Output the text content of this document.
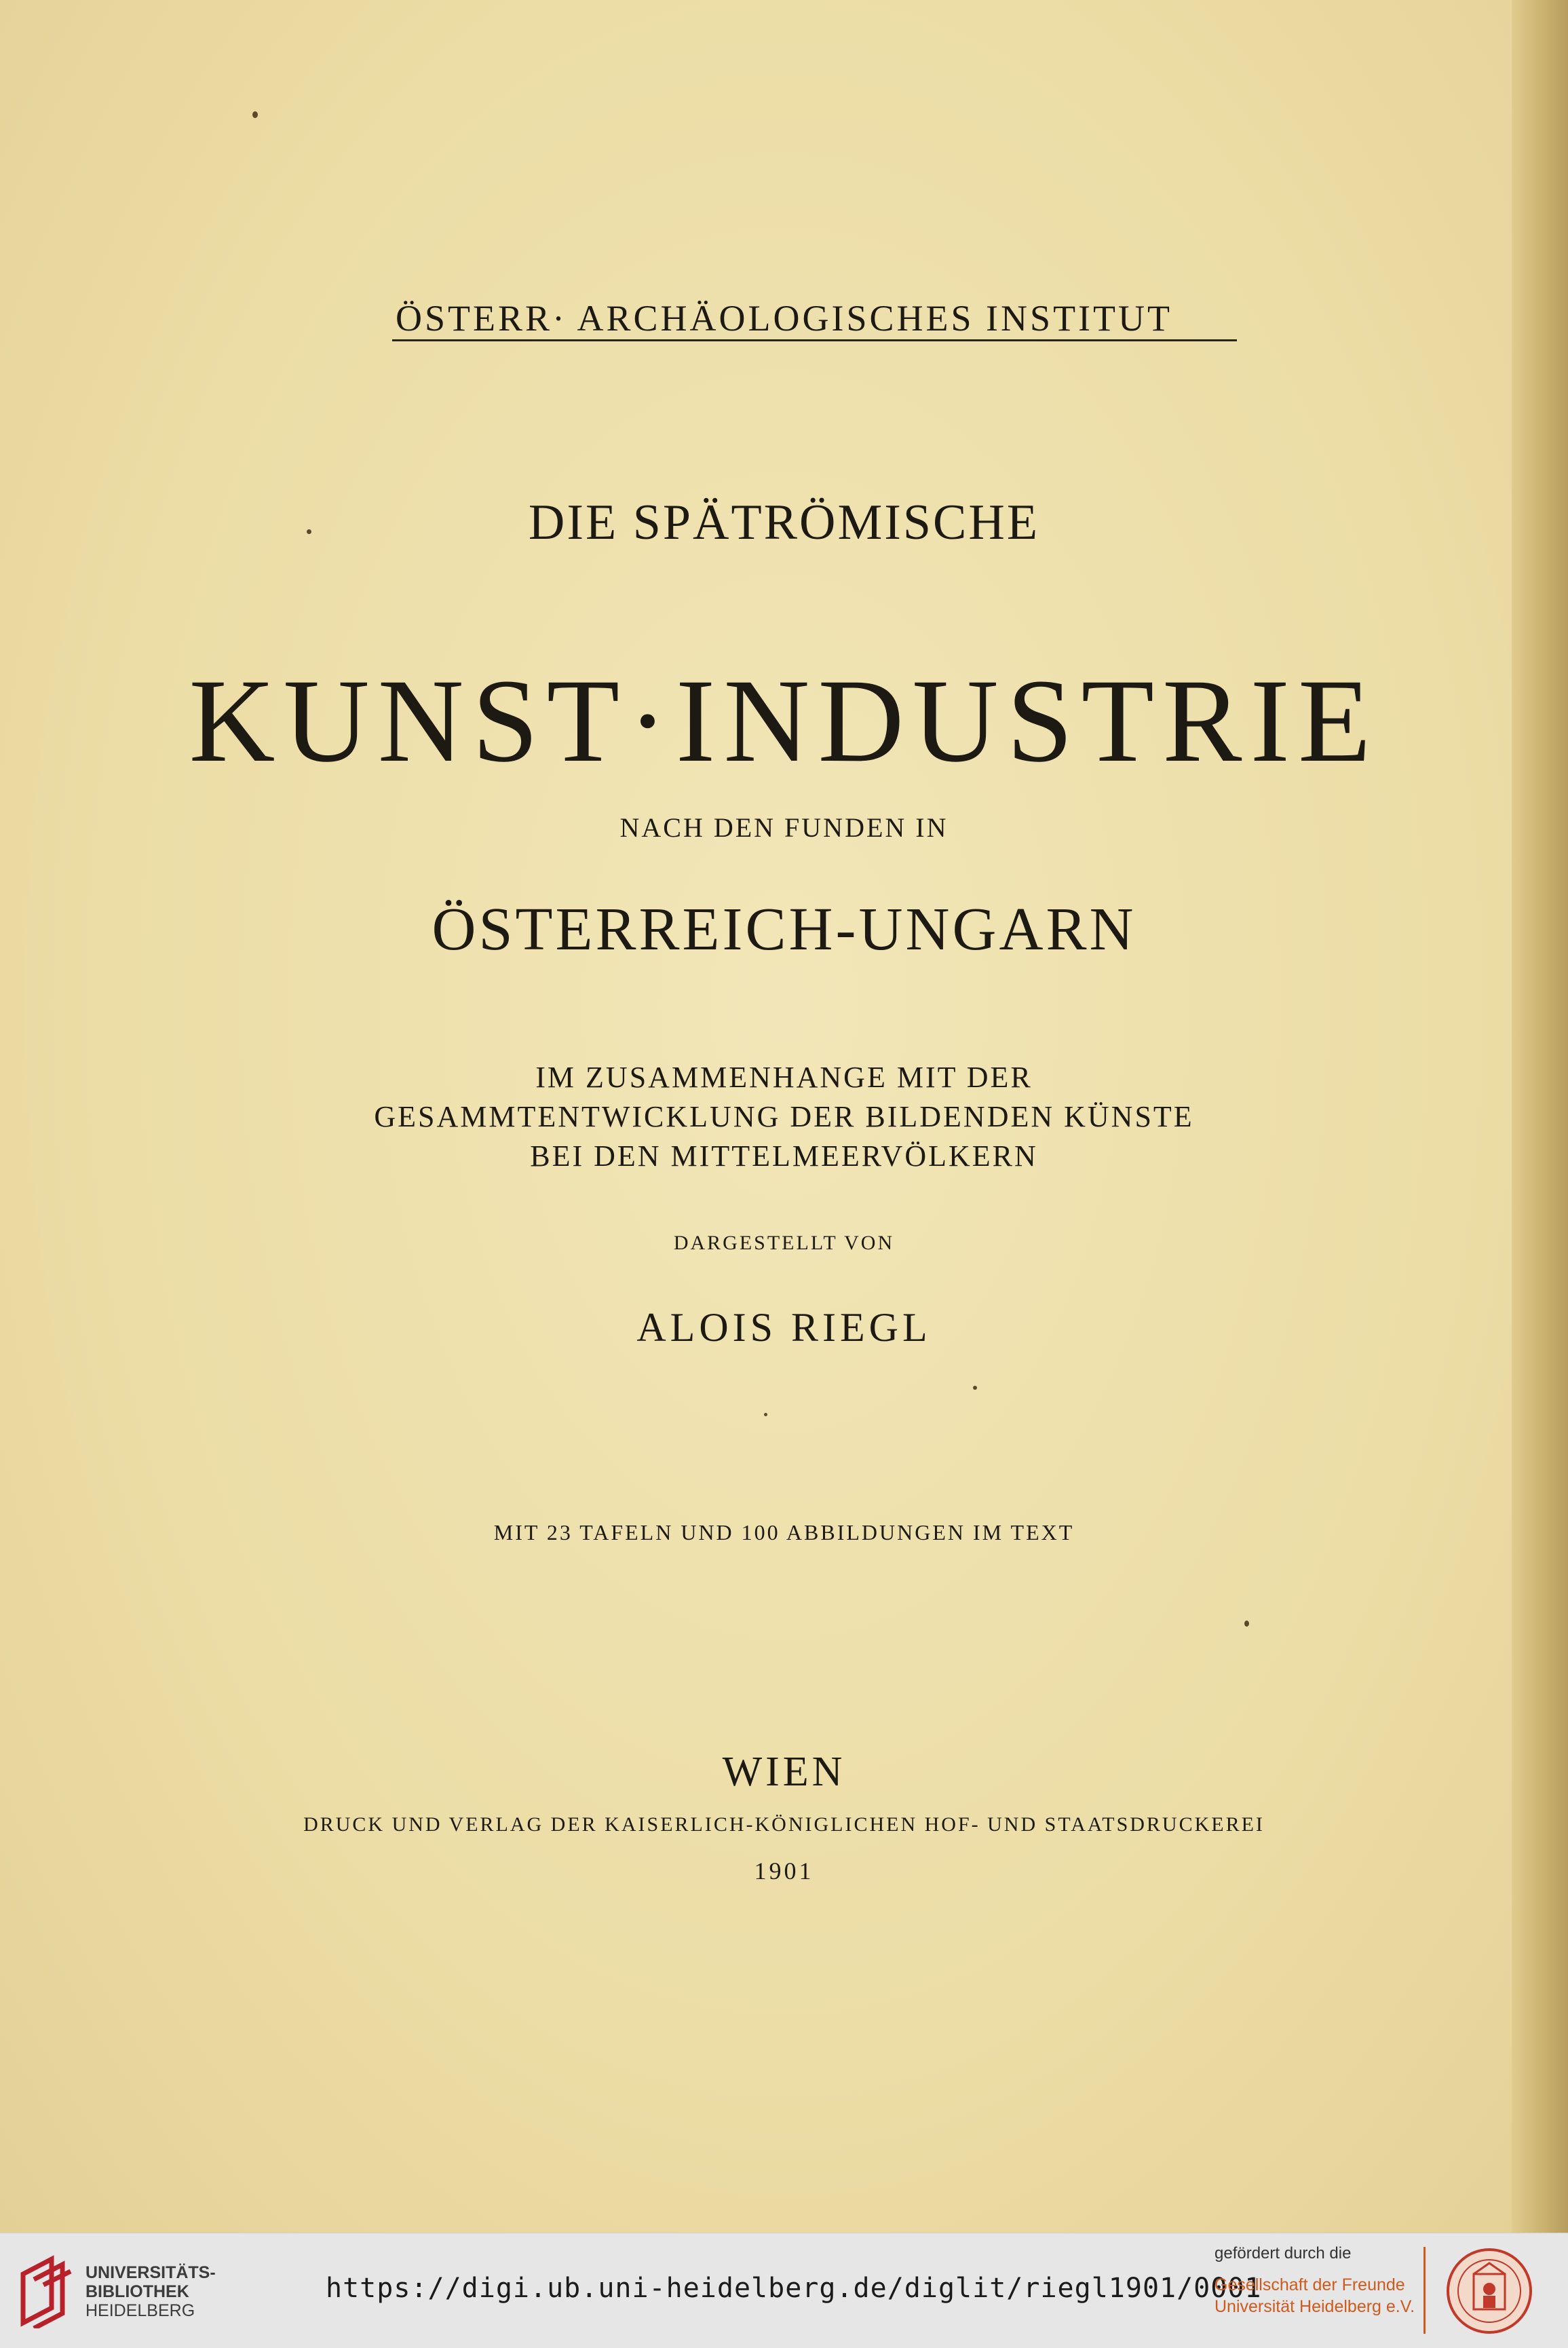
ÖSTERR· ARCHÄOLOGISCHES INSTITUT
DIE SPÄTRÖMISCHE
KUNST·INDUSTRIE
NACH DEN FUNDEN IN
ÖSTERREICH-UNGARN
IM ZUSAMMENHANGE MIT DER
GESAMMTENTWICKLUNG DER BILDENDEN KÜNSTE
BEI DEN MITTELMEERVÖLKERN
DARGESTELLT VON
ALOIS RIEGL
MIT 23 TAFELN UND 100 ABBILDUNGEN IM TEXT
WIEN
DRUCK UND VERLAG DER KAISERLICH-KÖNIGLICHEN HOF- UND STAATSDRUCKEREI
1901
UNIVERSITÄTS-
BIBLIOTHEK
HEIDELBERG
https://digi.ub.uni-heidelberg.de/diglit/riegl1901/0001
gefördert durch die
Gesellschaft der Freunde
Universität Heidelberg e.V.
